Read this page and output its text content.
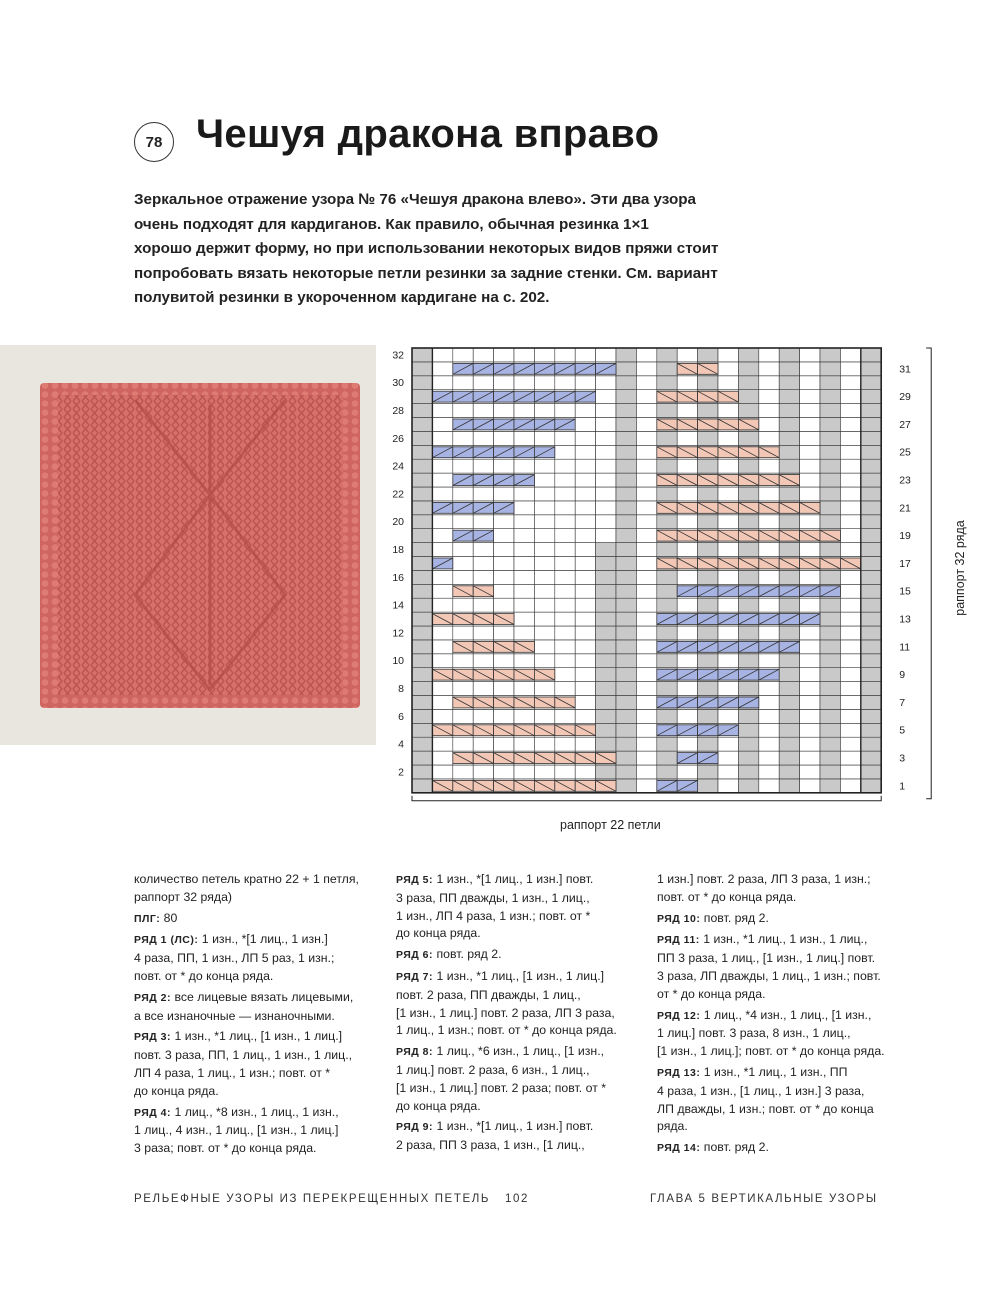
78 Чешуя дракона вправо
Зеркальное отражение узора № 76 «Чешуя дракона влево». Эти два узора
очень подходят для кардиганов. Как правило, обычная резинка 1×1
хорошо держит форму, но при использовании некоторых видов пряжи стоит
попробовать вязать некоторые петли резинки за задние стенки. См. вариант
полувитой резинки в укороченном кардигане на с. 202.
2
4
6
8
10
12
14
16
18
20
22
24
26
28
30
32
1
3
5
7
9
11
13
15
17
19
21
23
25
27
29
31
раппорт 22 петли
раппорт 32 ряда

количество петель кратно 22 + 1 петля,
раппорт 32 ряда)

ПЛГ: 80

РЯД 1 (ЛС): 1 изн., *[1 лиц., 1 изн.]
4 раза, ПП, 1 изн., ЛП 5 раз, 1 изн.;
повт. от * до конца ряда.

РЯД 2: все лицевые вязать лицевыми,
а все изнаночные — изнаночными.

РЯД 3: 1 изн., *1 лиц., [1 изн., 1 лиц.]
повт. 3 раза, ПП, 1 лиц., 1 изн., 1 лиц.,
ЛП 4 раза, 1 лиц., 1 изн.; повт. от *
до конца ряда.

РЯД 4: 1 лиц., *8 изн., 1 лиц., 1 изн.,
1 лиц., 4 изн., 1 лиц., [1 изн., 1 лиц.]
3 раза; повт. от * до конца ряда.

РЯД 5: 1 изн., *[1 лиц., 1 изн.] повт.
3 раза, ПП дважды, 1 изн., 1 лиц.,
1 изн., ЛП 4 раза, 1 изн.; повт. от *
до конца ряда.

РЯД 6: повт. ряд 2.

РЯД 7: 1 изн., *1 лиц., [1 изн., 1 лиц.]
повт. 2 раза, ПП дважды, 1 лиц.,
[1 изн., 1 лиц.] повт. 2 раза, ЛП 3 раза,
1 лиц., 1 изн.; повт. от * до конца ряда.

РЯД 8: 1 лиц., *6 изн., 1 лиц., [1 изн.,
1 лиц.] повт. 2 раза, 6 изн., 1 лиц.,
[1 изн., 1 лиц.] повт. 2 раза; повт. от *
до конца ряда.

РЯД 9: 1 изн., *[1 лиц., 1 изн.] повт.
2 раза, ПП 3 раза, 1 изн., [1 лиц.,

1 изн.] повт. 2 раза, ЛП 3 раза, 1 изн.;
повт. от * до конца ряда.

РЯД 10: повт. ряд 2.

РЯД 11: 1 изн., *1 лиц., 1 изн., 1 лиц.,
ПП 3 раза, 1 лиц., [1 изн., 1 лиц.] повт.
3 раза, ЛП дважды, 1 лиц., 1 изн.; повт.
от * до конца ряда.

РЯД 12: 1 лиц., *4 изн., 1 лиц., [1 изн.,
1 лиц.] повт. 3 раза, 8 изн., 1 лиц.,
[1 изн., 1 лиц.]; повт. от * до конца ряда.

РЯД 13: 1 изн., *1 лиц., 1 изн., ПП
4 раза, 1 изн., [1 лиц., 1 изн.] 3 раза,
ЛП дважды, 1 изн.; повт. от * до конца
ряда.

РЯД 14: повт. ряд 2.

РЕЛЬЕФНЫЕ УЗОРЫ ИЗ ПЕРЕКРЕЩЕННЫХ ПЕТЕЛЬ 102	ГЛАВА 5 ВЕРТИКАЛЬНЫЕ УЗОРЫ
